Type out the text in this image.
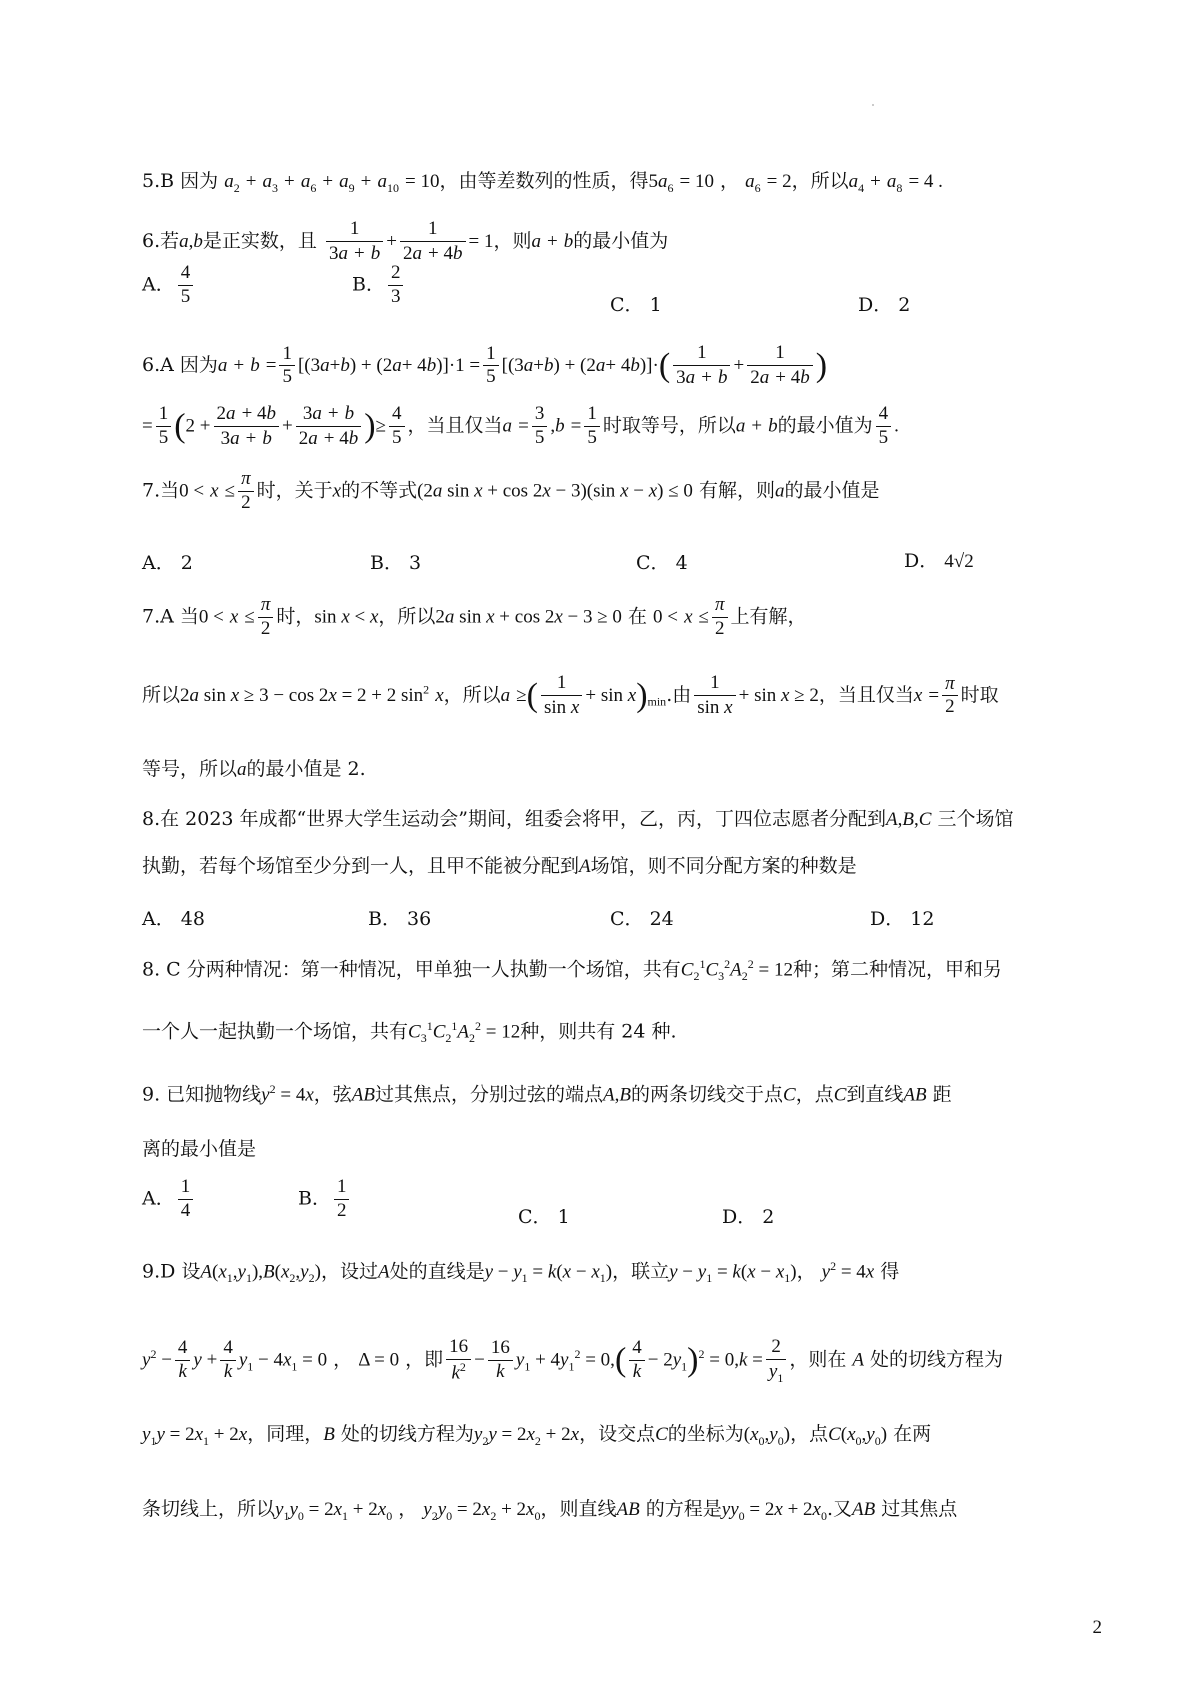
5.B 因为 $a_2 + a_3 + a_6 + a_9 + a_{10} = 10$，由等差数列的性质，得$5a_6 = 10$ ， $a_6 = 2$，所以$a_4 + a_8 = 4$ .
6.若a,b是正实数，且 $\frac{1}{3a + b} + \frac{1}{2a + 4b} = 1$，则a + b的最小值为
A． $\frac{4}{5}$	B． $\frac{2}{3}$	C． 1	D． 2
6.A 因为$a + b = \frac{1}{5} [(3a+b) + (2a+ 4b)]\cdot 1 = \frac{1}{5} [(3a+b) + (2a+ 4b)]\cdot( \frac{1}{3a + b} + \frac{1}{2a + 4b}$ )
= $\frac{1}{5} (2 + \frac{2a + 4b}{3a + b} + \frac{3a + b}{2a + 4b}$ )≥ $\frac{4}{5}$ ，当且仅当$a = \frac{3}{5} ,b = \frac{1}{5}$ 时取等号，所以a + b的最小值为 $\frac{4}{5}$ .
7.当$0 < x \le \frac{\pi}{2}$ 时，关于x的不等式(2a sin x + cos 2x − 3)(sin x − x) ≤ 0 有解，则a的最小值是
A． 2	B． 3	C． 4	D． 4√2
7.A 当$0 < x \le \frac{\pi}{2}$ 时，sin x < x，所以2a sin x + cos 2x − 3 ≥ 0 在 $0 < x \le \frac{\pi}{2}$ 上有解，
所以2a sin x ≥ 3 − cos 2x = 2 + 2 $\sin^2 x$，所以a ≥( $\frac{1}{\text{sin x}} + \sin x)_{min}$.由 $\frac{1}{\text{sin x}} + \sin x \ge 2$，当且仅当$x = \frac{\pi}{2}$ 时取
等号，所以a的最小值是 2.
8.在 2023 年成都“世界大学生运动会”期间，组委会将甲，乙，丙，丁四位志愿者分配到A,B,C 三个场馆
执勤，若每个场馆至少分到一人，且甲不能被分配到A场馆，则不同分配方案的种数是
A． 48	B． 36	C． 24	D． 12
8. C 分两种情况：第一种情况，甲单独一人执勤一个场馆，共有$C_2^1C_3^2A_2^2 = 12$种；第二种情况，甲和另
一个人一起执勤一个场馆，共有$C_3^1C_2^1A_2^2 = 12$种，则共有 24 种.
9. 已知抛物线$y^2 = 4x$，弦AB过其焦点，分别过弦的端点A,B的两条切线交于点C，点C到直线AB 距
离的最小值是
A． $\frac{1}{4}$	B． $\frac{1}{2}$	C． 1	D． 2
9.D 设$A(x_1,y_1),B(x_2,y_2)$，设过A处的直线是$y - y_1 = k(x - x_1)$，联立$y - y_1 = k(x - x_1)$， $y^2 = 4x$ 得
$y^2 - \frac{4}{k}$ $y + \frac{4}{k} y_1 - 4x_1 = 0$ ， Δ = 0 ，即 $\frac{16}{k^2} - \frac{16}{k} y_1 + 4y_1^2 = 0,( \frac{4}{k} - 2y_1)^2 = 0,k = \frac{2}{y_1}$ ，则在 A 处的切线方程为
$y_1y = 2x_1 + 2x$，同理，B 处的切线方程为$y_2y = 2x_2 + 2x$，设交点C的坐标为$(x_0,y_0)$，点$C(x_0,y_0)$ 在两
条切线上，所以$y_1y_0 = 2x_1 + 2x_0$ ， $y_2y_0 = 2x_2 + 2x_0$，则直线AB 的方程是$yy_0 = 2x + 2x_0$.又AB 过其焦点
2
